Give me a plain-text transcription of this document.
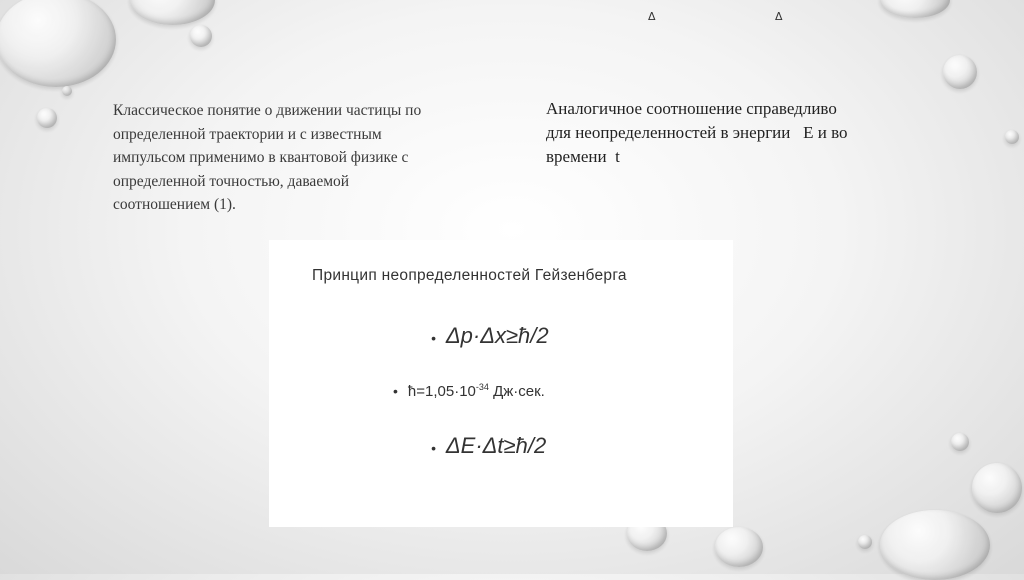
Δ	Δ
Классическое понятие о движении частицы по
определенной траектории и с известным
импульсом применимо в квантовой физике с
определенной точностью, даваемой
соотношением (1).
Аналогичное соотношение справедливо
для неопределенностей в энергии   E и во
времени  t
Принцип неопределенностей Гейзенберга
• Δp·Δx≥ħ/2
• $ħ=1,05\cdot 10^{-34}$ Дж·сек.
• ΔE·Δt≥ħ/2
